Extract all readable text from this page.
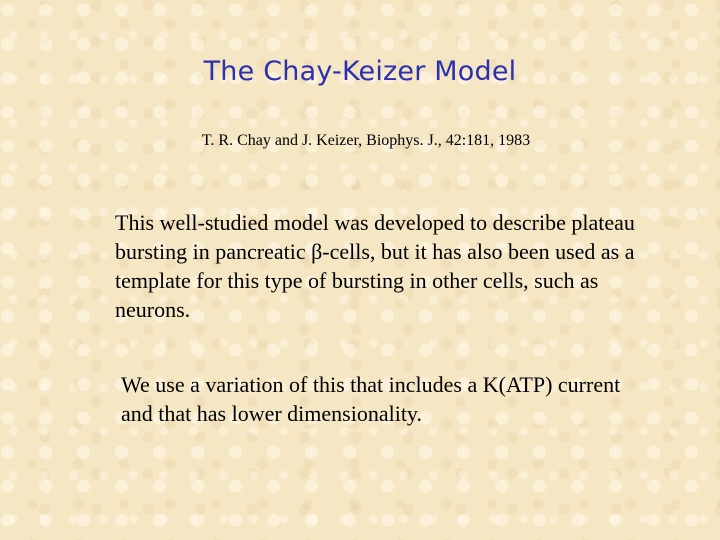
The Chay-Keizer Model
T. R. Chay and J. Keizer, Biophys. J., 42:181, 1983

This well-studied model was developed to describe plateau bursting in pancreatic β-cells, but it has also been used as a template for this type of bursting in other cells, such as neurons.

We use a variation of this that includes a K(ATP) current and that has lower dimensionality.
